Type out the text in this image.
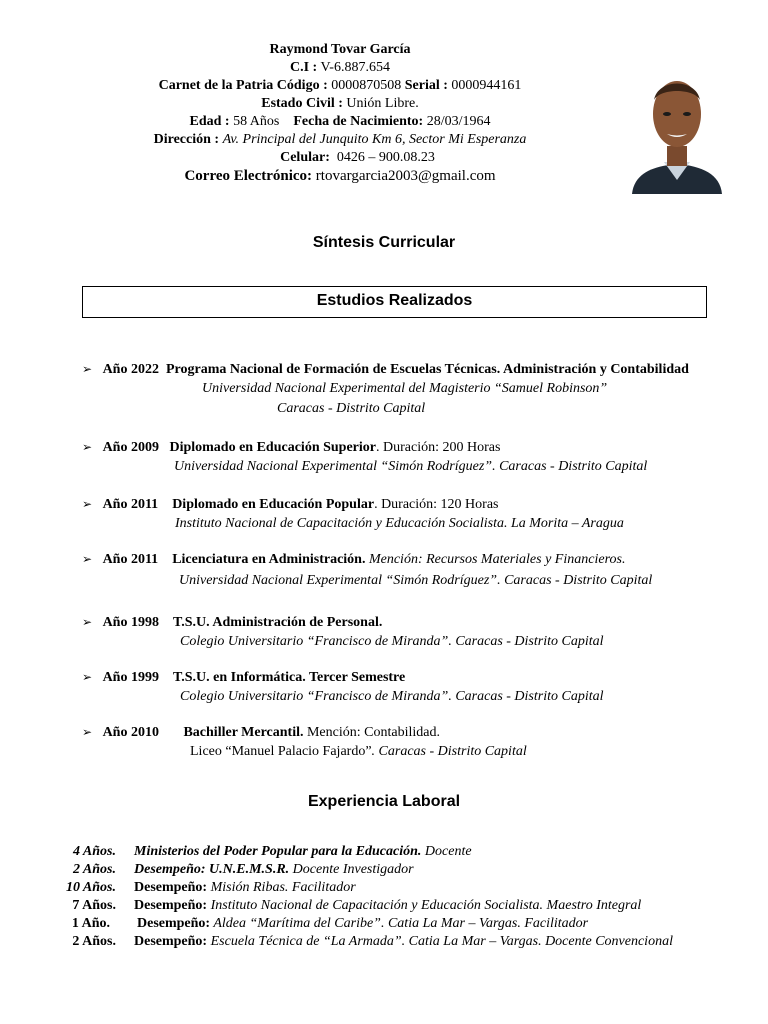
Raymond Tovar García
C.I : V-6.887.654
Carnet de la Patria Código : 0000870508 Serial : 0000944161
Estado Civil : Unión Libre.
Edad : 58 Años Fecha de Nacimiento: 28/03/1964
Dirección : Av. Principal del Junquito Km 6, Sector Mi Esperanza
Celular: 0426 – 900.08.23
Correo Electrónico: rtovargarcia2003@gmail.com
Síntesis Curricular
Estudios Realizados
➢ Año 2022 Programa Nacional de Formación de Escuelas Técnicas. Administración y Contabilidad
Universidad Nacional Experimental del Magisterio “Samuel Robinson”
Caracas - Distrito Capital
➢ Año 2009 Diplomado en Educación Superior. Duración: 200 Horas
Universidad Nacional Experimental “Simón Rodríguez”. Caracas - Distrito Capital
➢ Año 2011 Diplomado en Educación Popular. Duración: 120 Horas
Instituto Nacional de Capacitación y Educación Socialista. La Morita – Aragua
➢ Año 2011 Licenciatura en Administración. Mención: Recursos Materiales y Financieros.
Universidad Nacional Experimental “Simón Rodríguez”. Caracas - Distrito Capital
➢ Año 1998 T.S.U. Administración de Personal.
Colegio Universitario “Francisco de Miranda”. Caracas - Distrito Capital
➢ Año 1999 T.S.U. en Informática. Tercer Semestre
Colegio Universitario “Francisco de Miranda”. Caracas - Distrito Capital
➢ Año 2010 Bachiller Mercantil. Mención: Contabilidad.
Liceo “Manuel Palacio Fajardo”. Caracas - Distrito Capital
Experiencia Laboral
4 Años.
2 Años.
10 Años.
7 Años.
1 Año.
2 Años.
Ministerios del Poder Popular para la Educación. Docente
Desempeño: U.N.E.M.S.R. Docente Investigador
Desempeño: Misión Ribas. Facilitador
Desempeño: Instituto Nacional de Capacitación y Educación Socialista. Maestro Integral
Desempeño: Aldea “Marítima del Caribe”. Catia La Mar – Vargas. Facilitador
Desempeño: Escuela Técnica de “La Armada”. Catia La Mar – Vargas. Docente Convencional
